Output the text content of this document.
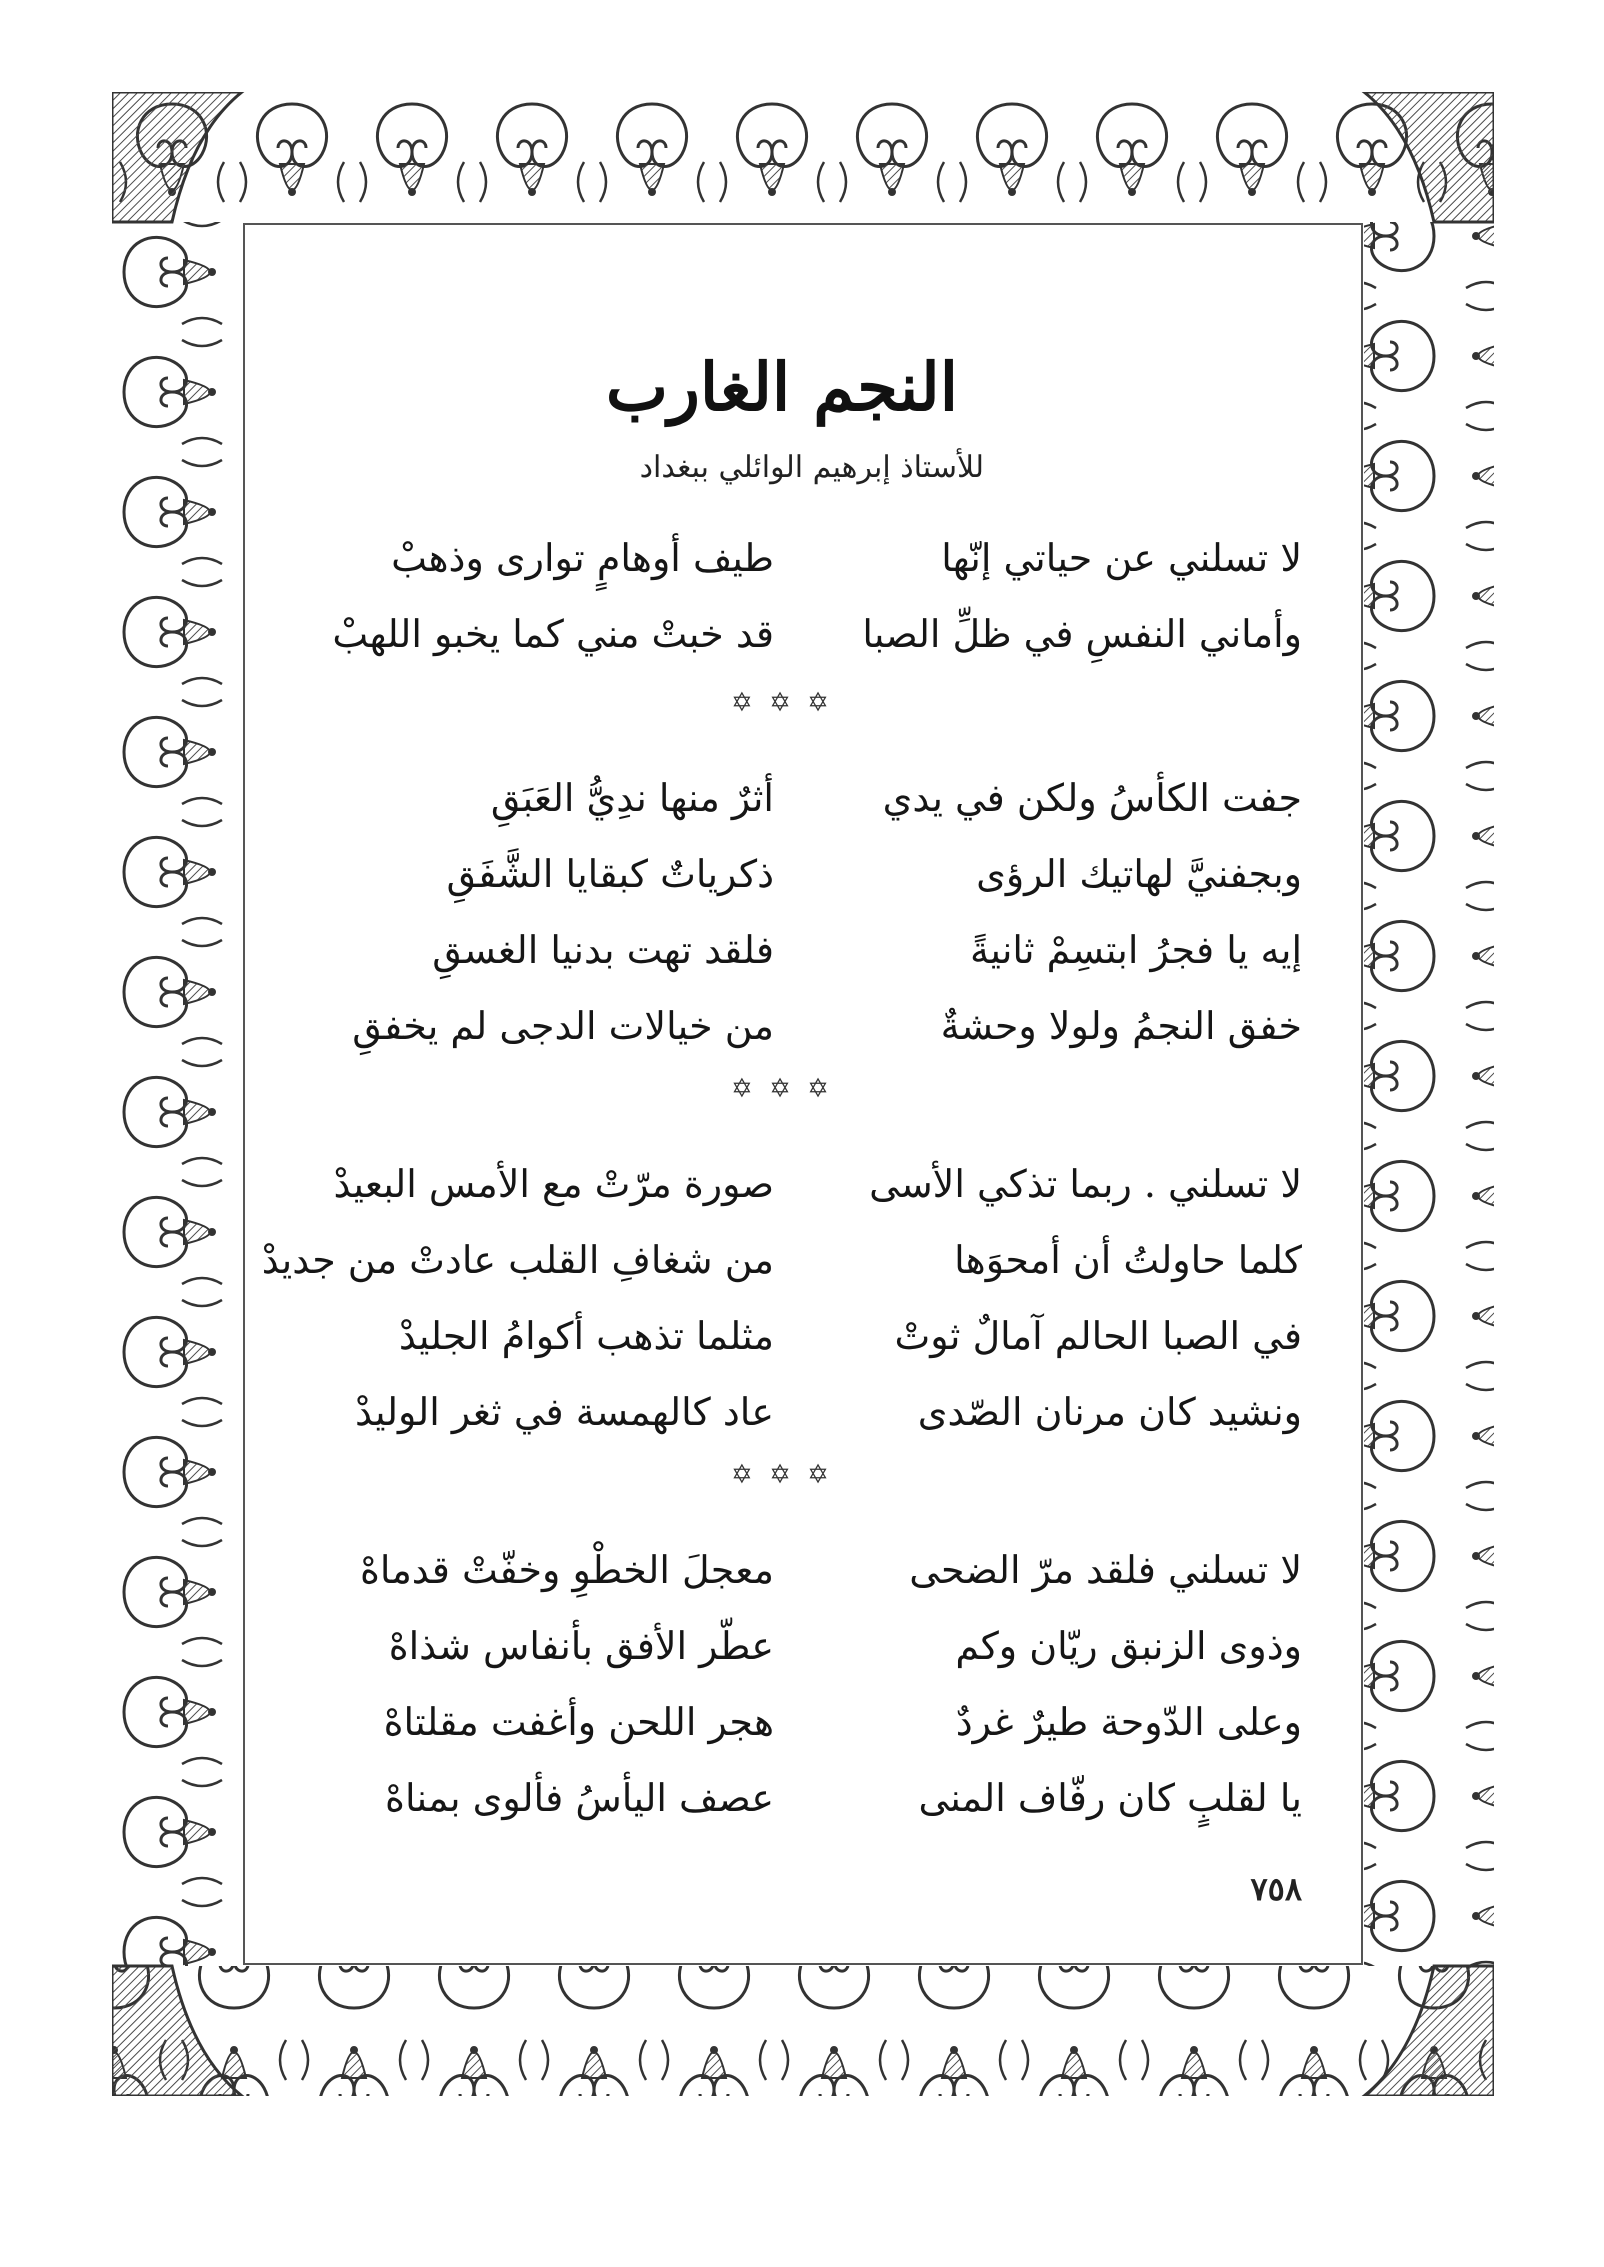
النجم الغارب
للأستاذ إبرهيم الوائلي ببغداد
لا تسلني عن حياتي إنّها
طيف أوهامٍ توارى وذهبْ
وأماني النفسِ في ظلِّ الصبا
قد خبتْ مني كما يخبو اللهبْ
✡ ✡ ✡
جفت الكأسُ ولكن في يدي
أثرٌ منها ندِيُّ العَبَقِ
وبجفنيَّ لهاتيك الرؤى
ذكرياتٌ كبقايا الشَّفَقِ
إيه يا فجرُ ابتسِمْ ثانيةً
فلقد تهت بدنيا الغسقِ
خفق النجمُ ولولا وحشةٌ
من خيالات الدجى لم يخفقِ
✡ ✡ ✡
لا تسلني . ربما تذكي الأسى
صورة مرّتْ مع الأمس البعيدْ
كلما حاولتُ أن أمحوَها
من شغافِ القلب عادتْ من جديدْ
في الصبا الحالم آمالٌ ثوتْ
مثلما تذهب أكوامُ الجليدْ
ونشيد كان مرنان الصّدى
عاد كالهمسة في ثغر الوليدْ
✡ ✡ ✡
لا تسلني فلقد مرّ الضحى
معجلَ الخطْوِ وخفّتْ قدماهْ
وذوى الزنبق ريّان وكم
عطّر الأفق بأنفاس شذاهْ
وعلى الدّوحة طيرٌ غردٌ
هجر اللحن وأغفت مقلتاهْ
يا لقلبٍ كان رفّاف المنى
عصف اليأسُ فألوى بمناهْ
٧٥٨
